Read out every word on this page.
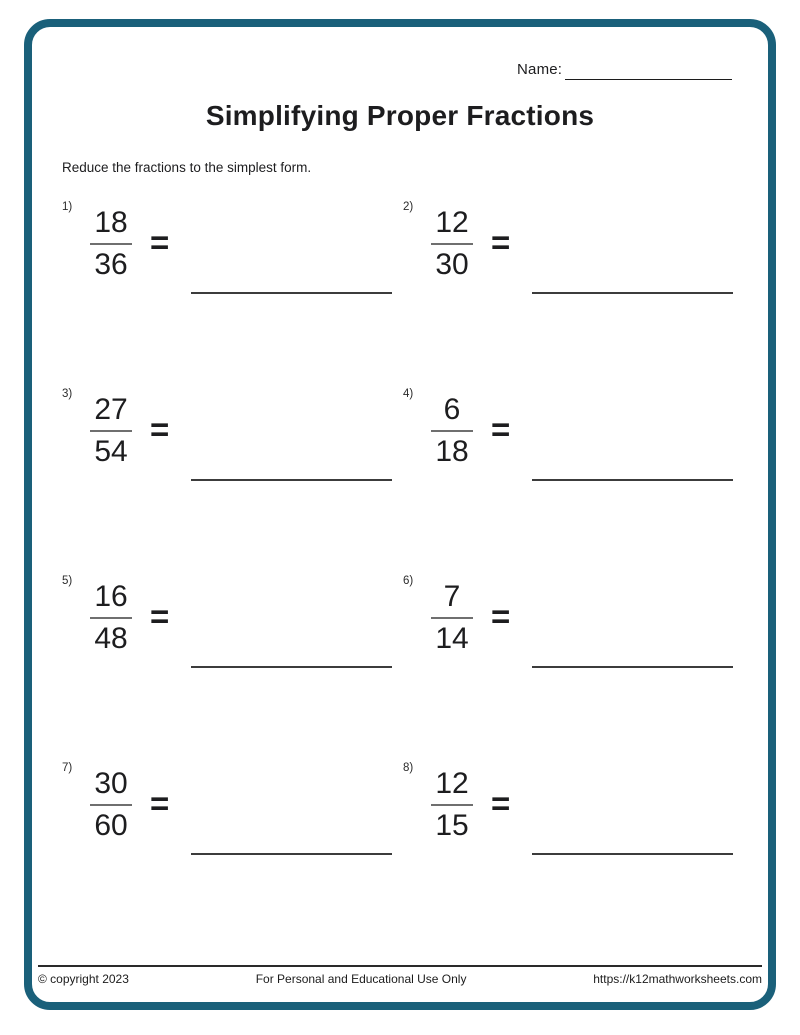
Name:
Simplifying Proper Fractions
Reduce the fractions to the simplest form.
1) 18
36
=
2) 12
30
=
3) 27
54
=
4)	6
18
=
5) 16
48
=
6)	7
14
=
7) 30
60
=
8) 12
15
=
© copyright 2023	For Personal and Educational Use Only	https://k12mathworksheets.com
